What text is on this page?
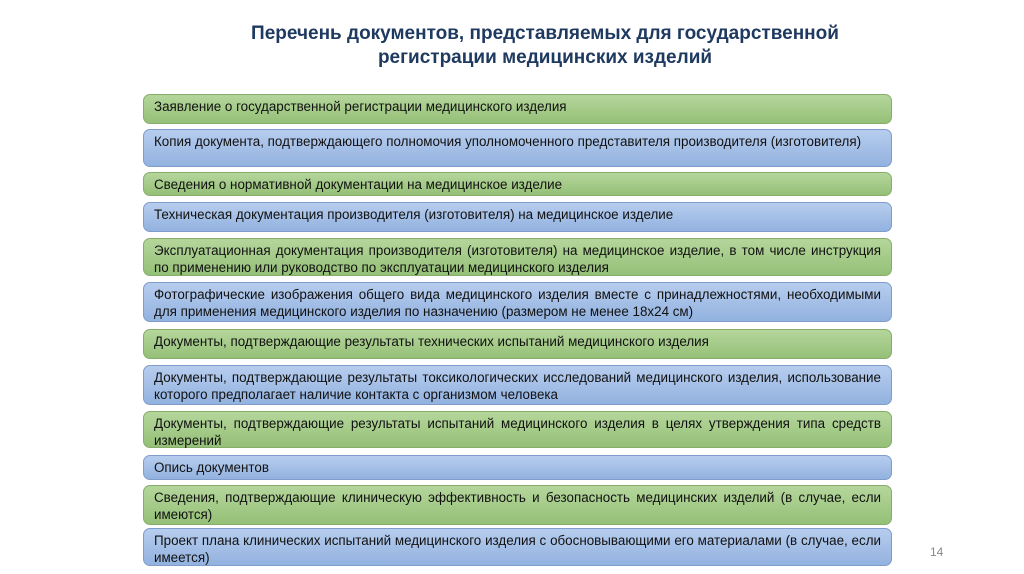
Перечень документов, представляемых для государственной
регистрации медицинских изделий
Заявление о государственной регистрации медицинского изделия
Копия документа, подтверждающего полномочия уполномоченного представителя производителя (изготовителя)
Сведения о нормативной документации на медицинское изделие
Техническая документация производителя (изготовителя) на медицинское изделие
Эксплуатационная документация производителя (изготовителя) на медицинское изделие, в том числе инструкция по применению или руководство по эксплуатации медицинского изделия
Фотографические изображения общего вида медицинского изделия вместе с принадлежностями, необходимыми для применения медицинского изделия по назначению (размером не менее 18x24 см)
Документы, подтверждающие результаты технических испытаний медицинского изделия
Документы, подтверждающие результаты токсикологических исследований медицинского изделия, использование которого предполагает наличие контакта с организмом человека
Документы, подтверждающие результаты испытаний медицинского изделия в целях утверждения типа средств измерений
Опись документов
Сведения, подтверждающие клиническую эффективность и безопасность медицинских изделий (в случае, если имеются)
Проект плана клинических испытаний медицинского изделия с обосновывающими его материалами (в случае, если имеется)	14
